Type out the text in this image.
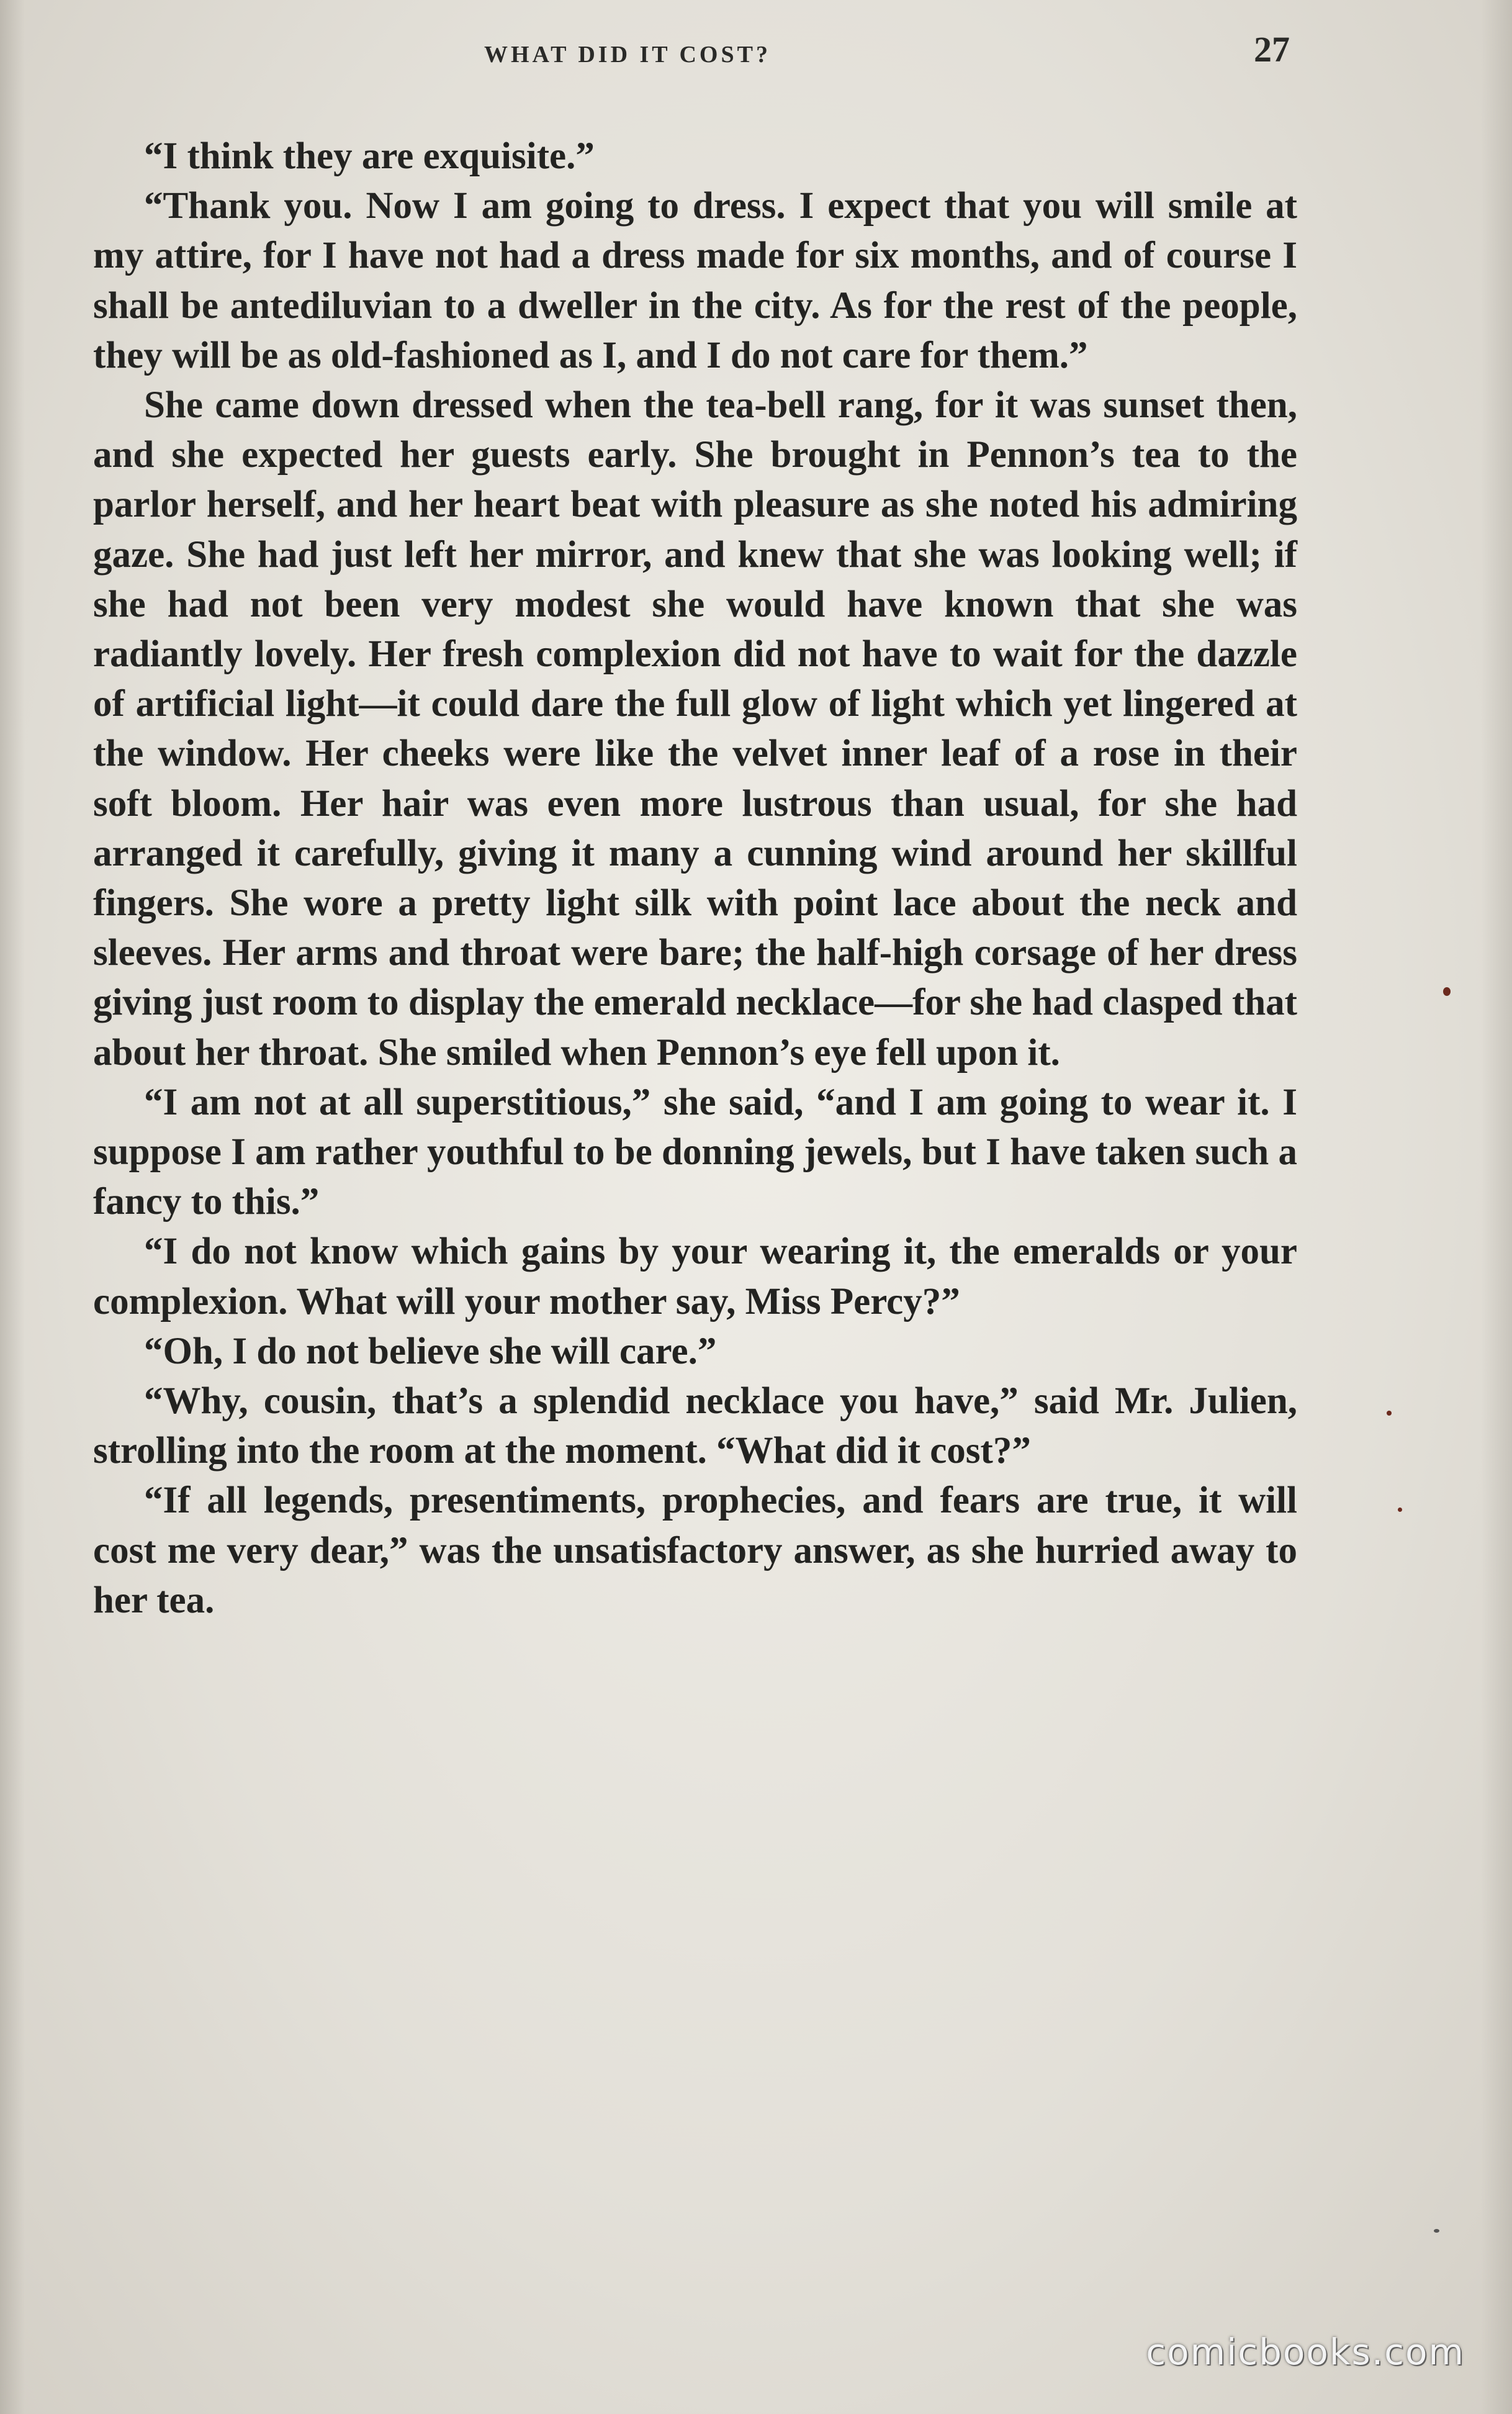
WHAT DID IT COST?	27

“I think they are exquisite.”

“Thank you. Now I am going to dress. I expect that you will smile at my attire, for I have not had a dress made for six months, and of course I shall be antediluvian to a dweller in the city. As for the rest of the people, they will be as old-fashioned as I, and I do not care for them.”

She came down dressed when the tea-bell rang, for it was sunset then, and she expected her guests early. She brought in Pennon’s tea to the parlor herself, and her heart beat with pleasure as she noted his admiring gaze. She had just left her mirror, and knew that she was looking well; if she had not been very modest she would have known that she was radiantly lovely. Her fresh complexion did not have to wait for the dazzle of artificial light—it could dare the full glow of light which yet lingered at the window. Her cheeks were like the velvet inner leaf of a rose in their soft bloom. Her hair was even more lustrous than usual, for she had arranged it carefully, giving it many a cunning wind around her skillful fingers. She wore a pretty light silk with point lace about the neck and sleeves. Her arms and throat were bare; the half-high corsage of her dress giving just room to display the emerald necklace—for she had clasped that about her throat. She smiled when Pennon’s eye fell upon it.

“I am not at all superstitious,” she said, “and I am going to wear it. I suppose I am rather youthful to be donning jewels, but I have taken such a fancy to this.”

“I do not know which gains by your wearing it, the emeralds or your complexion. What will your mother say, Miss Percy?”

“Oh, I do not believe she will care.”

“Why, cousin, that’s a splendid necklace you have,” said Mr. Julien, strolling into the room at the moment. “What did it cost?”

“If all legends, presentiments, prophecies, and fears are true, it will cost me very dear,” was the unsatisfactory answer, as she hurried away to her tea.

comicbooks.com
